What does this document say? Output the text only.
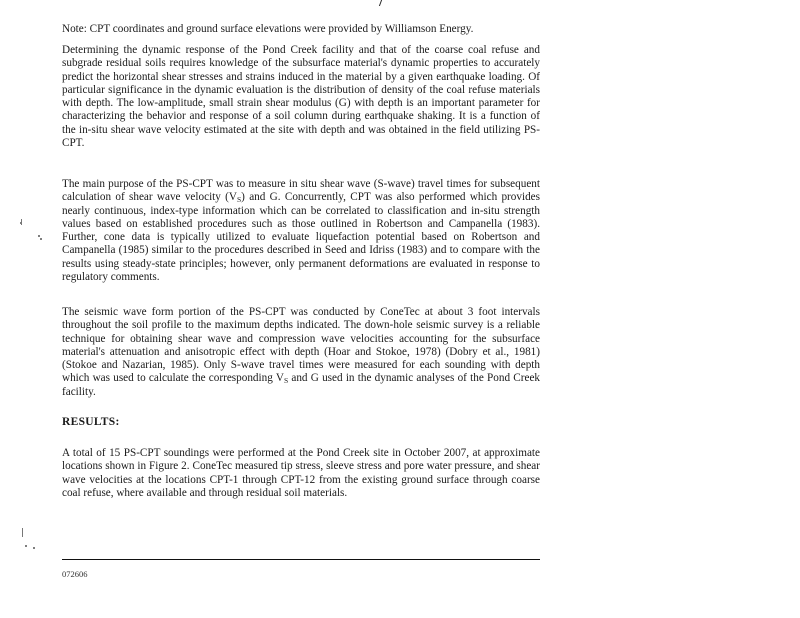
Note: CPT coordinates and ground surface elevations were provided by Williamson Energy.

Determining the dynamic response of the Pond Creek facility and that of the coarse coal refuse and subgrade residual soils requires knowledge of the subsurface material's dynamic properties to accurately predict the horizontal shear stresses and strains induced in the material by a given earthquake loading. Of particular significance in the dynamic evaluation is the distribution of density of the coal refuse materials with depth. The low-amplitude, small strain shear modulus (G) with depth is an important parameter for characterizing the behavior and response of a soil column during earthquake shaking. It is a function of the in-situ shear wave velocity estimated at the site with depth and was obtained in the field utilizing PS-CPT.

The main purpose of the PS-CPT was to measure in situ shear wave (S-wave) travel times for subsequent calculation of shear wave velocity $(V_S)$ and G. Concurrently, CPT was also performed which provides nearly continuous, index-type information which can be correlated to classification and in-situ strength values based on established procedures such as those outlined in Robertson and Campanella (1983). Further, cone data is typically utilized to evaluate liquefaction potential based on Robertson and Campanella (1985) similar to the procedures described in Seed and Idriss (1983) and to compare with the results using steady-state principles; however, only permanent deformations are evaluated in response to regulatory comments.

The seismic wave form portion of the PS-CPT was conducted by ConeTec at about 3 foot intervals throughout the soil profile to the maximum depths indicated. The down-hole seismic survey is a reliable technique for obtaining shear wave and compression wave velocities accounting for the subsurface material's attenuation and anisotropic effect with depth (Hoar and Stokoe, 1978) (Dobry et al., 1981) (Stokoe and Nazarian, 1985). Only S-wave travel times were measured for each sounding with depth which was used to calculate the corresponding $V_S$ and G used in the dynamic analyses of the Pond Creek facility.

RESULTS:

A total of 15 PS-CPT soundings were performed at the Pond Creek site in October 2007, at approximate locations shown in Figure 2. ConeTec measured tip stress, sleeve stress and pore water pressure, and shear wave velocities at the locations CPT-1 through CPT-12 from the existing ground surface through coarse coal refuse, where available and through residual soil materials.

072606
